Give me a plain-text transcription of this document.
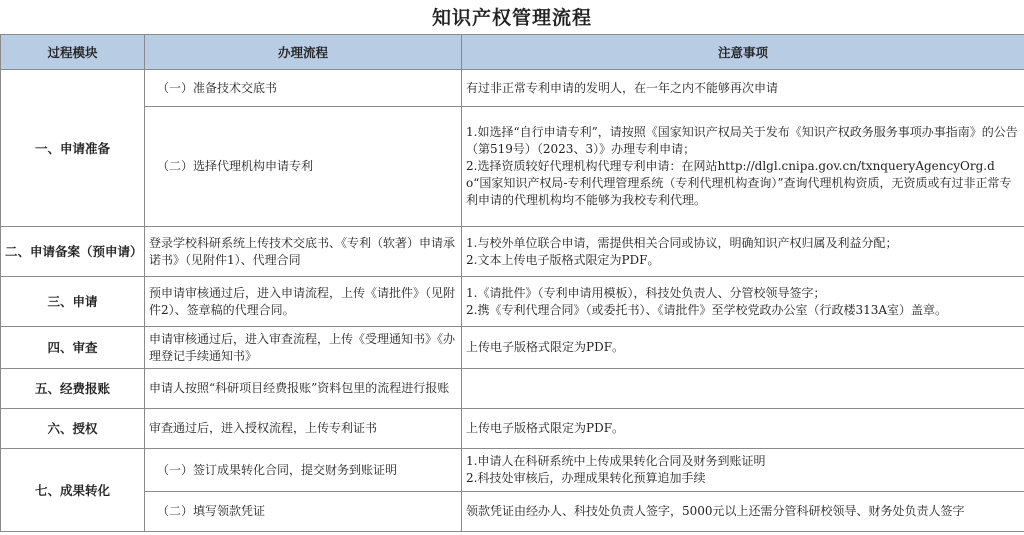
知识产权管理流程
过程模块	办理流程	注意事项
一、申请准备	（一）准备技术交底书	有过非正常专利申请的发明人，在一年之内不能够再次申请

	（二）选择代理机构申请专利	1.如选择“自行申请专利”，请按照《国家知识产权局关于发布《知识产权政务服务事项办事指南》的公告（第519号）（2023、3）》办理专利申请；
2.选择资质较好代理机构代理专利申请：在网站http://dlgl.cnipa.gov.cn/txnqueryAgencyOrg.do“国家知识产权局-专利代理管理系统（专利代理机构查询）”查询代理机构资质，无资质或有过非正常专利申请的代理机构均不能够为我校专利代理。

二、申请备案（预申请）	登录学校科研系统上传技术交底书、《专利（软著）申请承诺书》（见附件1）、代理合同	1.与校外单位联合申请，需提供相关合同或协议，明确知识产权归属及利益分配；
2.文本上传电子版格式限定为PDF。

三、申请	预申请审核通过后，进入申请流程，上传《请批件》（见附件2）、签章稿的代理合同。	1.《请批件》（专利申请用模板），科技处负责人、分管校领导签字；
2.携《专利代理合同》（或委托书）、《请批件》至学校党政办公室（行政楼313A室）盖章。

四、审查	申请审核通过后，进入审查流程，上传《受理通知书》《办理登记手续通知书》	上传电子版格式限定为PDF。

五、经费报账	申请人按照“科研项目经费报账”资料包里的流程进行报账	
六、授权	审查通过后，进入授权流程，上传专利证书	上传电子版格式限定为PDF。

七、成果转化	（一）签订成果转化合同，提交财务到账证明	1.申请人在科研系统中上传成果转化合同及财务到账证明
2.科技处审核后，办理成果转化预算追加手续

	（二）填写领款凭证	领款凭证由经办人、科技处负责人签字，5000元以上还需分管科研校领导、财务处负责人签字
